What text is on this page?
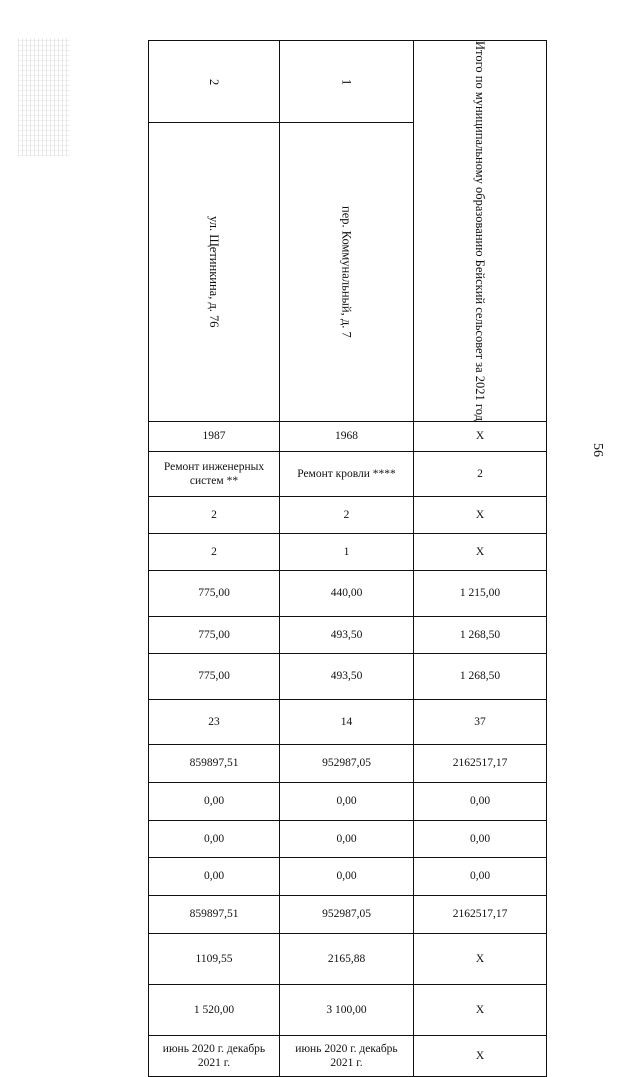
56
2	1	Итого по муниципальному образованию Бейский сельсовет за 2021 год

ул. Щетинкина, д. 76	пер. Коммунальный, д. 7	

1987	1968	X
Ремонт инженерных систем **	Ремонт кровли ****	2
2	2	X
2	1	X
775,00	440,00	1 215,00
775,00	493,50	1 268,50
775,00	493,50	1 268,50
23	14	37
859897,51	952987,05	2162517,17
0,00	0,00	0,00
0,00	0,00	0,00
0,00	0,00	0,00
859897,51	952987,05	2162517,17
1109,55	2165,88	X
1 520,00	3 100,00	X
июнь 2020 г. декабрь 2021 г.	июнь 2020 г. декабрь 2021 г.	X
